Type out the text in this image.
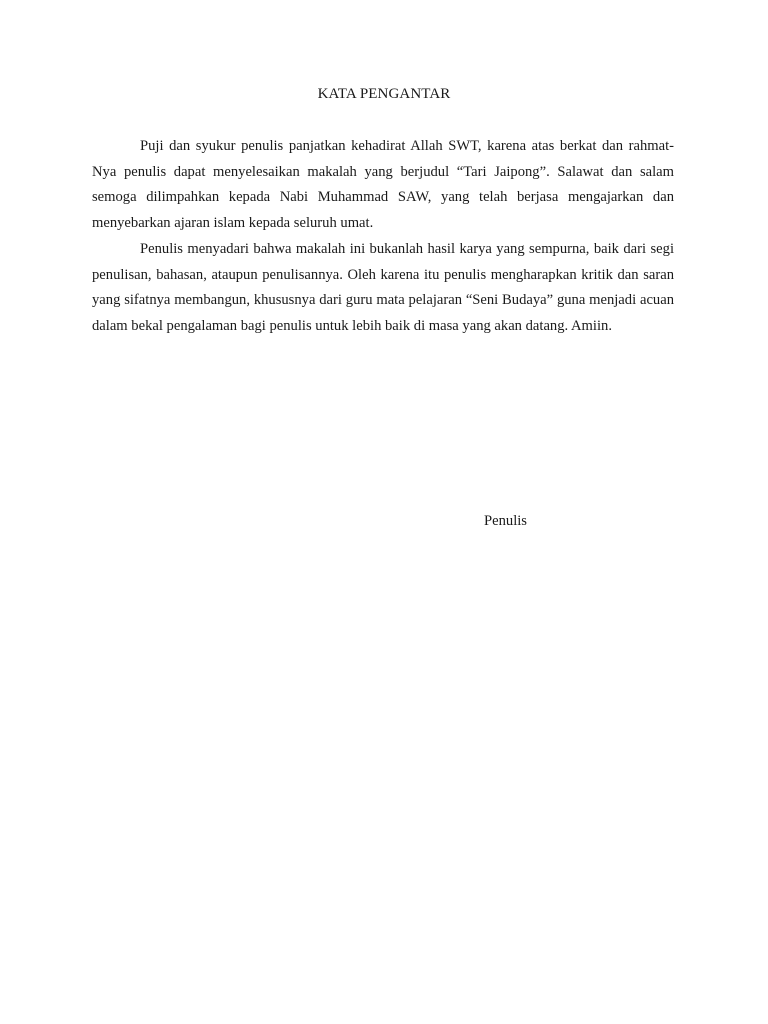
KATA PENGANTAR

Puji dan syukur penulis panjatkan kehadirat Allah SWT, karena atas berkat dan rahmat-Nya penulis dapat menyelesaikan makalah yang berjudul “Tari Jaipong”. Salawat dan salam semoga dilimpahkan kepada Nabi Muhammad SAW, yang telah berjasa mengajarkan dan menyebarkan ajaran islam kepada seluruh umat.

Penulis menyadari bahwa makalah ini bukanlah hasil karya yang sempurna, baik dari segi penulisan, bahasan, ataupun penulisannya. Oleh karena itu penulis mengharapkan kritik dan saran yang sifatnya membangun, khususnya dari guru mata pelajaran “Seni Budaya” guna menjadi acuan dalam bekal pengalaman bagi penulis untuk lebih baik di masa yang akan datang. Amiin.

Penulis
